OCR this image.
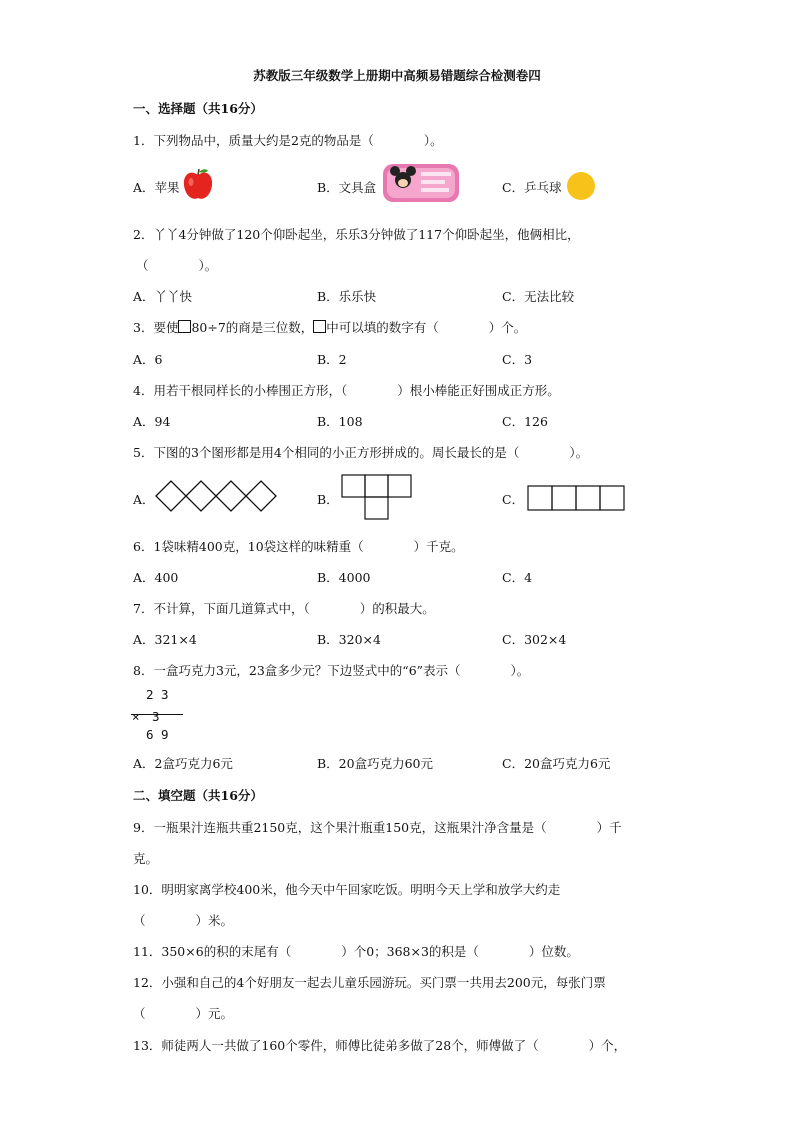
苏教版三年级数学上册期中高频易错题综合检测卷四
一、选择题（共16分）
1．下列物品中，质量大约是2克的物品是（　　　　）。
A．苹果	B．文具盒	C．乒乓球
2．丫丫4分钟做了120个仰卧起坐，乐乐3分钟做了117个仰卧起坐，他俩相比，
（　　　　）。
A．丫丫快	B．乐乐快	C．无法比较
3．要使 80÷7的商是三位数， 中可以填的数字有（　　　　）个。
A．6	B．2	C．3
4．用若干根同样长的小棒围正方形，（　　　　）根小棒能正好围成正方形。
A．94	B．108	C．126
5．下图的3个图形都是用4个相同的小正方形拼成的。周长最长的是（　　　　）。
A．	B．	C．
6．1袋味精400克，10袋这样的味精重（　　　　）千克。
A．400	B．4000	C．4
7．不计算，下面几道算式中，（　　　　）的积最大。
A．321×4	B．320×4	C．302×4
8．一盒巧克力3元，23盒多少元？下边竖式中的“6”表示（　　　　）。
2 3
×　3
6 9
A．2盒巧克力6元	B．20盒巧克力60元	C．20盒巧克力6元
二、填空题（共16分）
9．一瓶果汁连瓶共重2150克，这个果汁瓶重150克，这瓶果汁净含量是（　　　　）千
克。
10．明明家离学校400米，他今天中午回家吃饭。明明今天上学和放学大约走
（　　　　）米。
11．350×6的积的末尾有（　　　　）个0；368×3的积是（　　　　）位数。
12．小强和自己的4个好朋友一起去儿童乐园游玩。买门票一共用去200元，每张门票
（　　　　）元。
13．师徒两人一共做了160个零件，师傅比徒弟多做了28个，师傅做了（　　　　）个，
